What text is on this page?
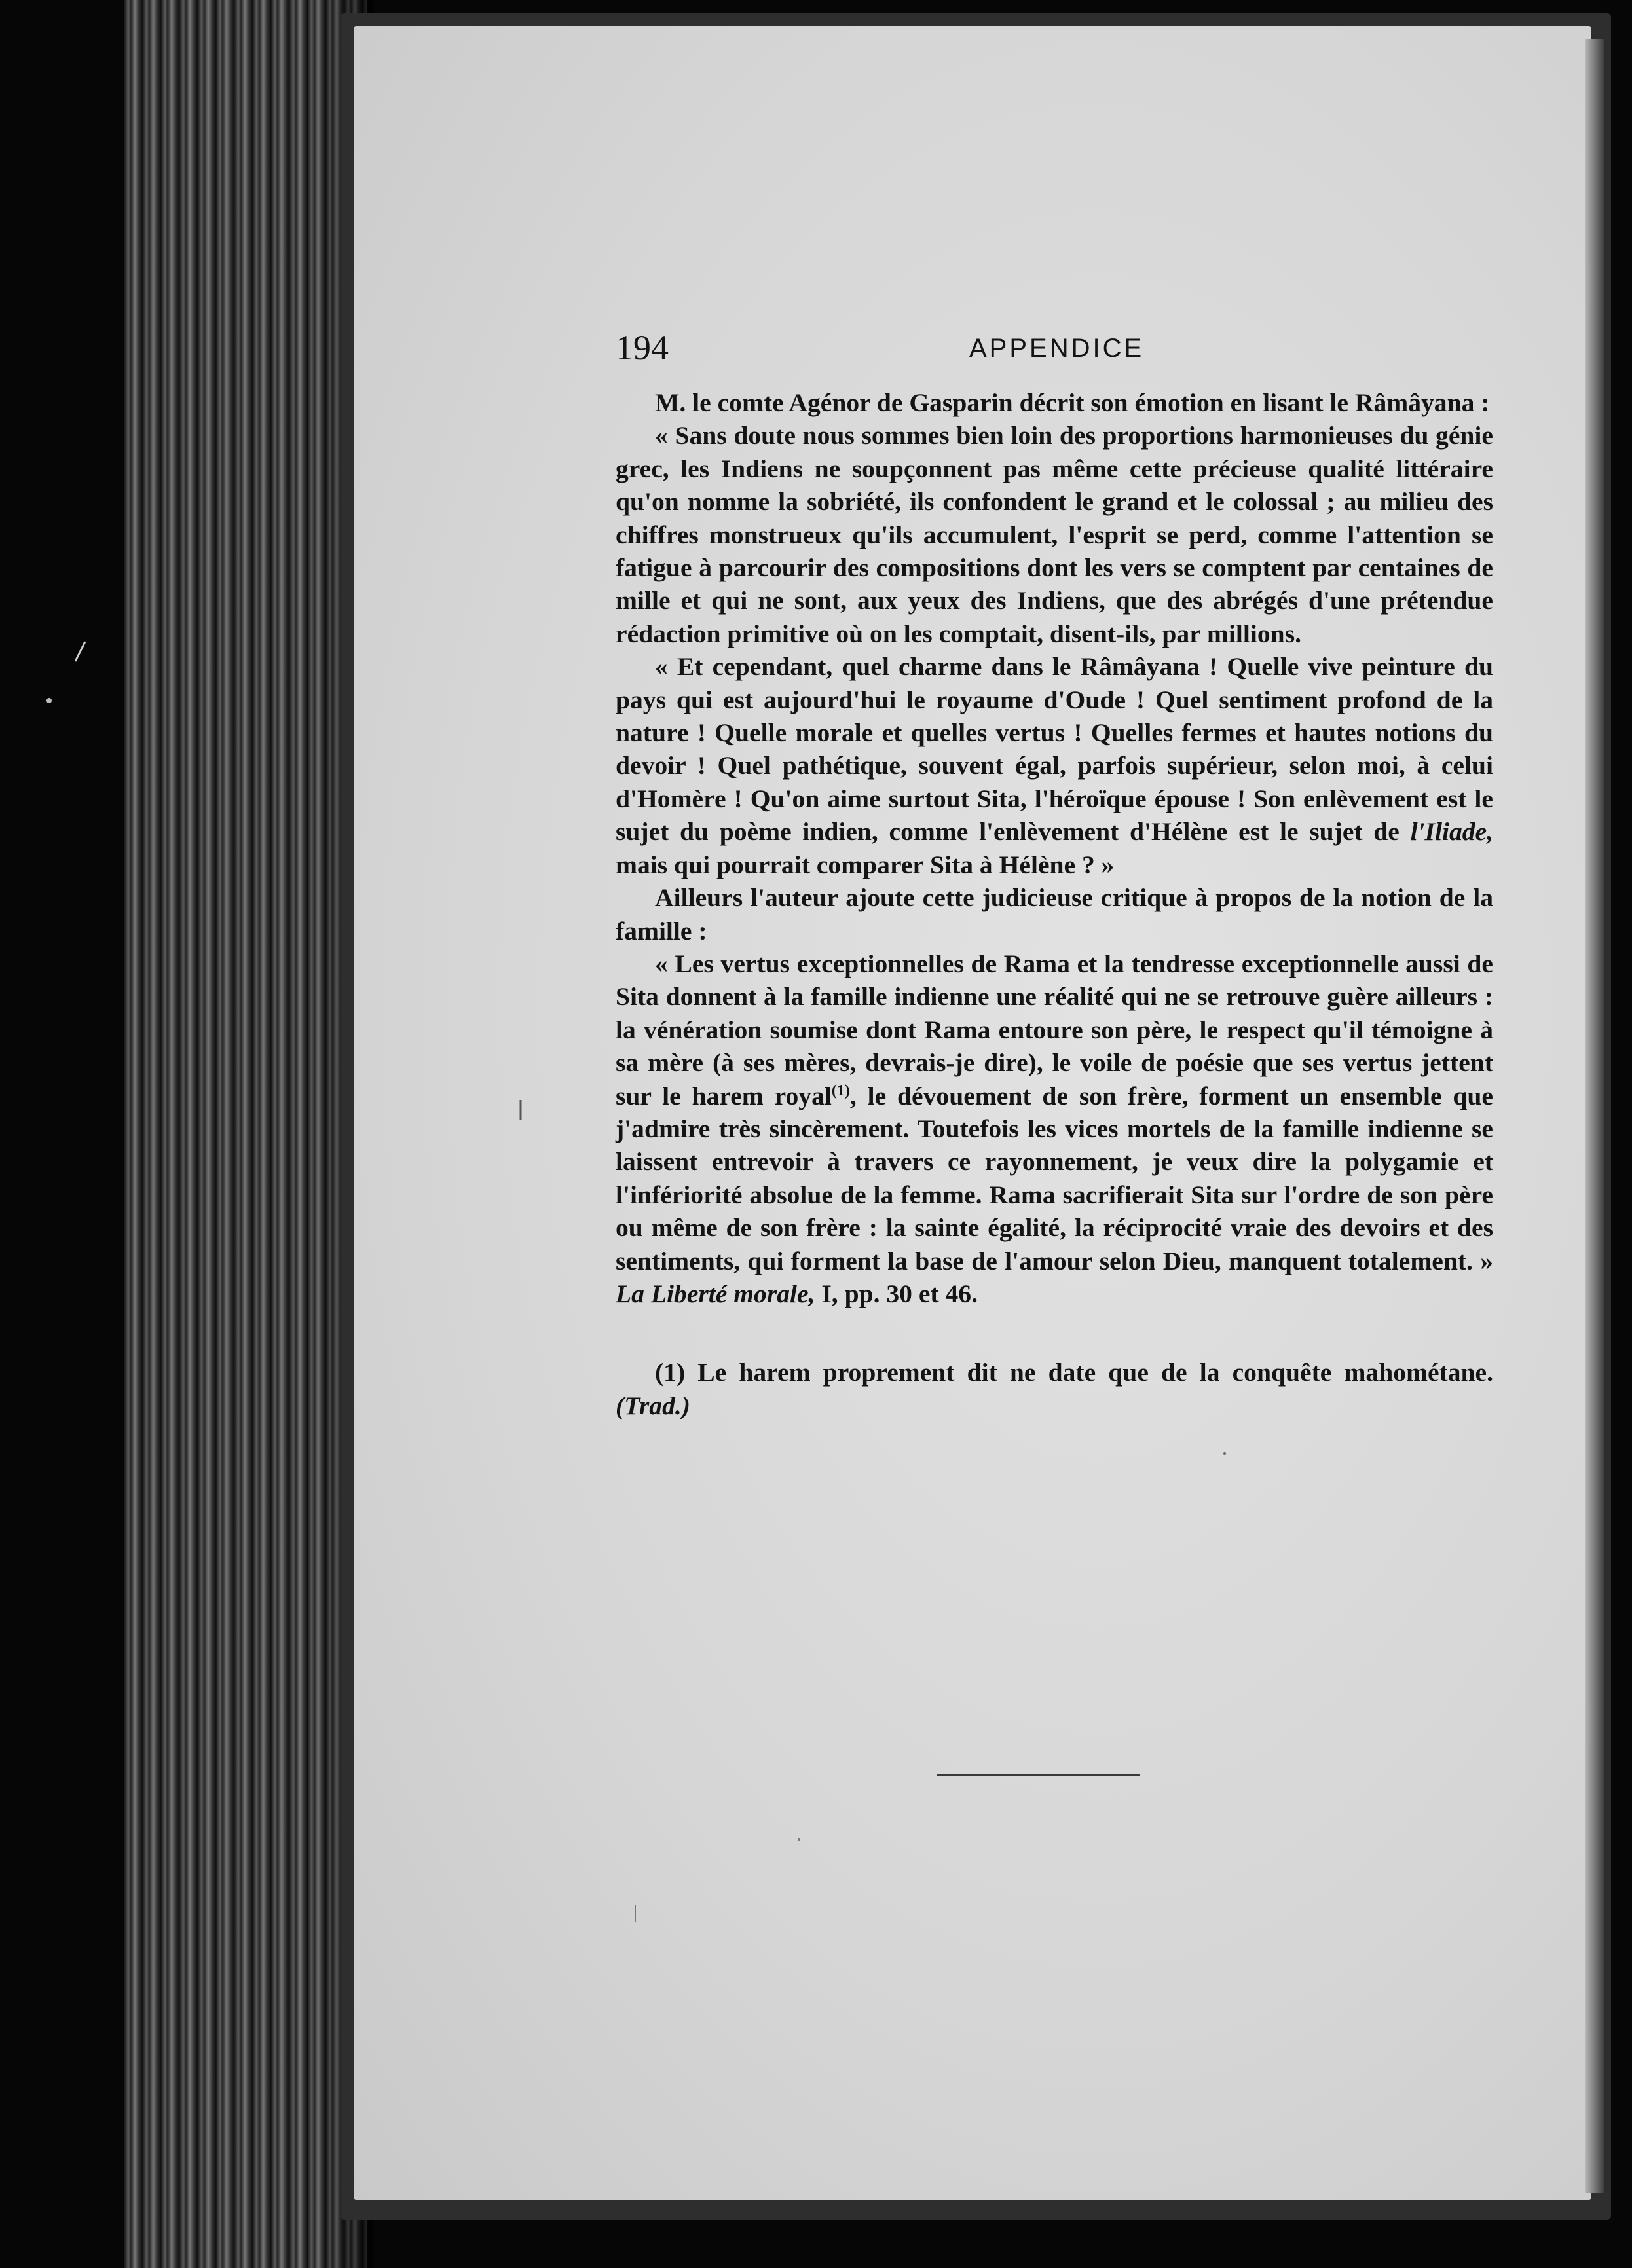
194	APPENDICE

M. le comte Agénor de Gasparin décrit son émotion en lisant le Râmâyana :

« Sans doute nous sommes bien loin des proportions harmonieuses du génie grec, les Indiens ne soupçonnent pas même cette précieuse qualité littéraire qu'on nomme la sobriété, ils confondent le grand et le colossal ; au milieu des chiffres monstrueux qu'ils accumulent, l'esprit se perd, comme l'attention se fatigue à parcourir des compositions dont les vers se comptent par centaines de mille et qui ne sont, aux yeux des Indiens, que des abrégés d'une prétendue rédaction primitive où on les comptait, disent-ils, par millions.

« Et cependant, quel charme dans le Râmâyana ! Quelle vive peinture du pays qui est aujourd'hui le royaume d'Oude ! Quel sentiment profond de la nature ! Quelle morale et quelles vertus ! Quelles fermes et hautes notions du devoir ! Quel pathétique, souvent égal, parfois supérieur, selon moi, à celui d'Homère ! Qu'on aime surtout Sita, l'héroïque épouse ! Son enlèvement est le sujet du poème indien, comme l'enlèvement d'Hélène est le sujet de l'Iliade, mais qui pourrait comparer Sita à Hélène ? »

Ailleurs l'auteur ajoute cette judicieuse critique à propos de la notion de la famille :

« Les vertus exceptionnelles de Rama et la tendresse exceptionnelle aussi de Sita donnent à la famille indienne une réalité qui ne se retrouve guère ailleurs : la vénération soumise dont Rama entoure son père, le respect qu'il témoigne à sa mère (à ses mères, devrais-je dire), le voile de poésie que ses vertus jettent sur le harem royal$^{(1)}$, le dévouement de son frère, forment un ensemble que j'admire très sincèrement. Toutefois les vices mortels de la famille indienne se laissent entrevoir à travers ce rayonnement, je veux dire la polygamie et l'infériorité absolue de la femme. Rama sacrifierait Sita sur l'ordre de son père ou même de son frère : la sainte égalité, la réciprocité vraie des devoirs et des sentiments, qui forment la base de l'amour selon Dieu, manquent totalement. » La Liberté morale, I, pp. 30 et 46.

(1) Le harem proprement dit ne date que de la conquête mahométane. (Trad.)
